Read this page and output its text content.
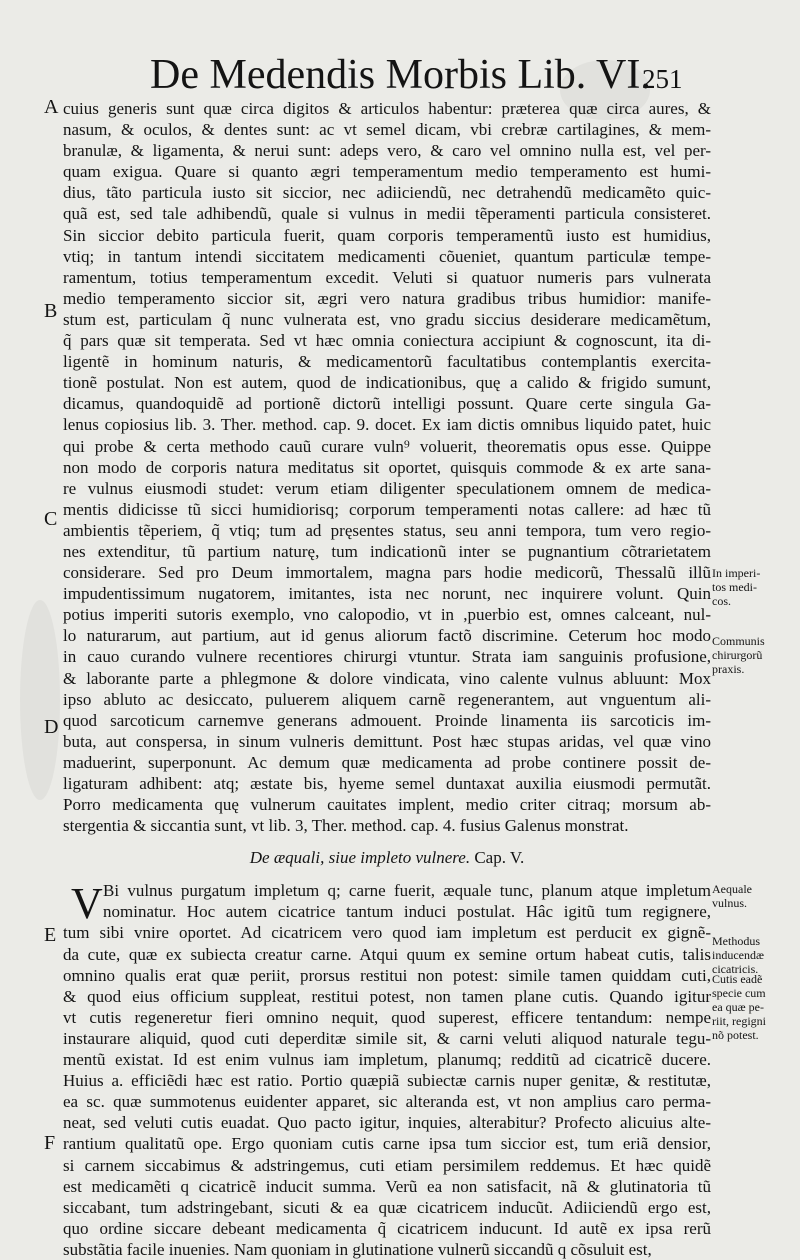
De Medendis Morbis Lib. VI.
251
A
B
C
D
E
F
cuius generis sunt quæ circa digitos & articulos habentur: præterea quæ circa aures, &
nasum, & oculos, & dentes sunt: ac vt semel dicam, vbi crebræ cartilagines, & mem-
branulæ, & ligamenta, & nerui sunt: adeps vero, & caro vel omnino nulla est, vel per-
quam exigua. Quare si quanto ægri temperamentum medio temperamento est humi-
dius, tãto particula iusto sit siccior, nec adiiciendũ, nec detrahendũ medicamẽto quic-
quã est, sed tale adhibendũ, quale si vulnus in medii tẽperamenti particula consisteret.
Sin siccior debito particula fuerit, quam corporis temperamentũ iusto est humidius,
vtiq; in tantum intendi siccitatem medicamenti cõueniet, quantum particulæ tempe-
ramentum, totius temperamentum excedit. Veluti si quatuor numeris pars vulnerata
medio temperamento siccior sit, ægri vero natura gradibus tribus humidior: manife-
stum est, particulam q̃ nunc vulnerata est, vno gradu siccius desiderare medicamẽtum,
q̃ pars quæ sit temperata. Sed vt hæc omnia coniectura accipiunt & cognoscunt, ita di-
ligentẽ in hominum naturis, & medicamentorũ facultatibus contemplantis exercita-
tionẽ postulat. Non est autem, quod de indicationibus, quę a calido & frigido sumunt,
dicamus, quandoquidẽ ad portionẽ dictorũ intelligi possunt. Quare certe singula Ga-
lenus copiosius lib. 3. Ther. method. cap. 9. docet. Ex iam dictis omnibus liquido patet, huic
qui probe & certa methodo cauũ curare vuln⁹ voluerit, theorematis opus esse. Quippe
non modo de corporis natura meditatus sit oportet, quisquis commode & ex arte sana-
re vulnus eiusmodi studet: verum etiam diligenter speculationem omnem de medica-
mentis didicisse tũ sicci humidiorisq; corporum temperamenti notas callere: ad hæc tũ
ambientis tẽperiem, q̃ vtiq; tum ad pręsentes status, seu anni tempora, tum vero regio-
nes extenditur, tũ partium naturę, tum indicationũ inter se pugnantium cõtrarietatem
considerare. Sed pro Deum immortalem, magna pars hodie medicorũ, Thessalũ illũ
impudentissimum nugatorem, imitantes, ista nec norunt, nec inquirere volunt. Quin
potius imperiti sutoris exemplo, vno calopodio, vt in ,puerbio est, omnes calceant, nul-
lo naturarum, aut partium, aut id genus aliorum factõ discrimine. Ceterum hoc modo
in cauo curando vulnere recentiores chirurgi vtuntur. Strata iam sanguinis profusione,
& laborante parte a phlegmone & dolore vindicata, vino calente vulnus abluunt: Mox
ipso abluto ac desiccato, puluerem aliquem carnẽ regenerantem, aut vnguentum ali-
quod sarcoticum carnemve generans admouent. Proinde linamenta iis sarcoticis im-
buta, aut conspersa, in sinum vulneris demittunt. Post hæc stupas aridas, vel quæ vino
maduerint, superponunt. Ac demum quæ medicamenta ad probe continere possit de-
ligaturam adhibent: atq; æstate bis, hyeme semel duntaxat auxilia eiusmodi permutãt.
Porro medicamenta quę vulnerum cauitates implent, medio criter citraq; morsum ab-
stergentia & siccantia sunt, vt lib. 3, Ther. method. cap. 4. fusius Galenus monstrat.
De æquali, siue impleto vulnere. Cap. V.
V Bi vulnus purgatum impletum q; carne fuerit, æquale tunc, planum atque impletum
nominatur. Hoc autem cicatrice tantum induci postulat. Hâc igitũ tum regignere,
tum sibi vnire oportet. Ad cicatricem vero quod iam impletum est perducit ex gignẽ-
da cute, quæ ex subiecta creatur carne. Atqui quum ex semine ortum habeat cutis, talis
omnino qualis erat quæ periit, prorsus restitui non potest: simile tamen quiddam cuti,
& quod eius officium suppleat, restitui potest, non tamen plane cutis. Quando igitur
vt cutis regeneretur fieri omnino nequit, quod superest, efficere tentandum: nempe
instaurare aliquid, quod cuti deperditæ simile sit, & carni veluti aliquod naturale tegu-
mentũ existat. Id est enim vulnus iam impletum, planumq; redditũ ad cicatricẽ ducere.
Huius a. efficiẽdi hæc est ratio. Portio quæpiã subiectæ carnis nuper genitæ, & restitutæ,
ea sc. quæ summotenus euidenter apparet, sic alteranda est, vt non amplius caro perma-
neat, sed veluti cutis euadat. Quo pacto igitur, inquies, alterabitur? Profecto alicuius alte-
rantium qualitatũ ope. Ergo quoniam cutis carne ipsa tum siccior est, tum eriã densior,
si carnem siccabimus & adstringemus, cuti etiam persimilem reddemus. Et hæc quidẽ
est medicamẽti q cicatricẽ inducit summa. Verũ ea non satisfacit, nã & glutinatoria tũ
siccabant, tum adstringebant, sicuti & ea quæ cicatricem inducũt. Adiiciendũ ergo est,
quo ordine siccare debeant medicamenta q̃ cicatricem inducunt. Id autẽ ex ipsa rerũ
substãtia facile inuenies. Nam quoniam in glutinatione vulnerũ siccandũ q cõsuluit est,
In imperi-
tos medi-
cos.
Communis
chirurgorũ
praxis.
Aequale
vulnus.
Methodus
inducendæ
cicatricis.
Cutis eadẽ
specie cum
ea quæ pe-
riit, regigni
nõ potest.
